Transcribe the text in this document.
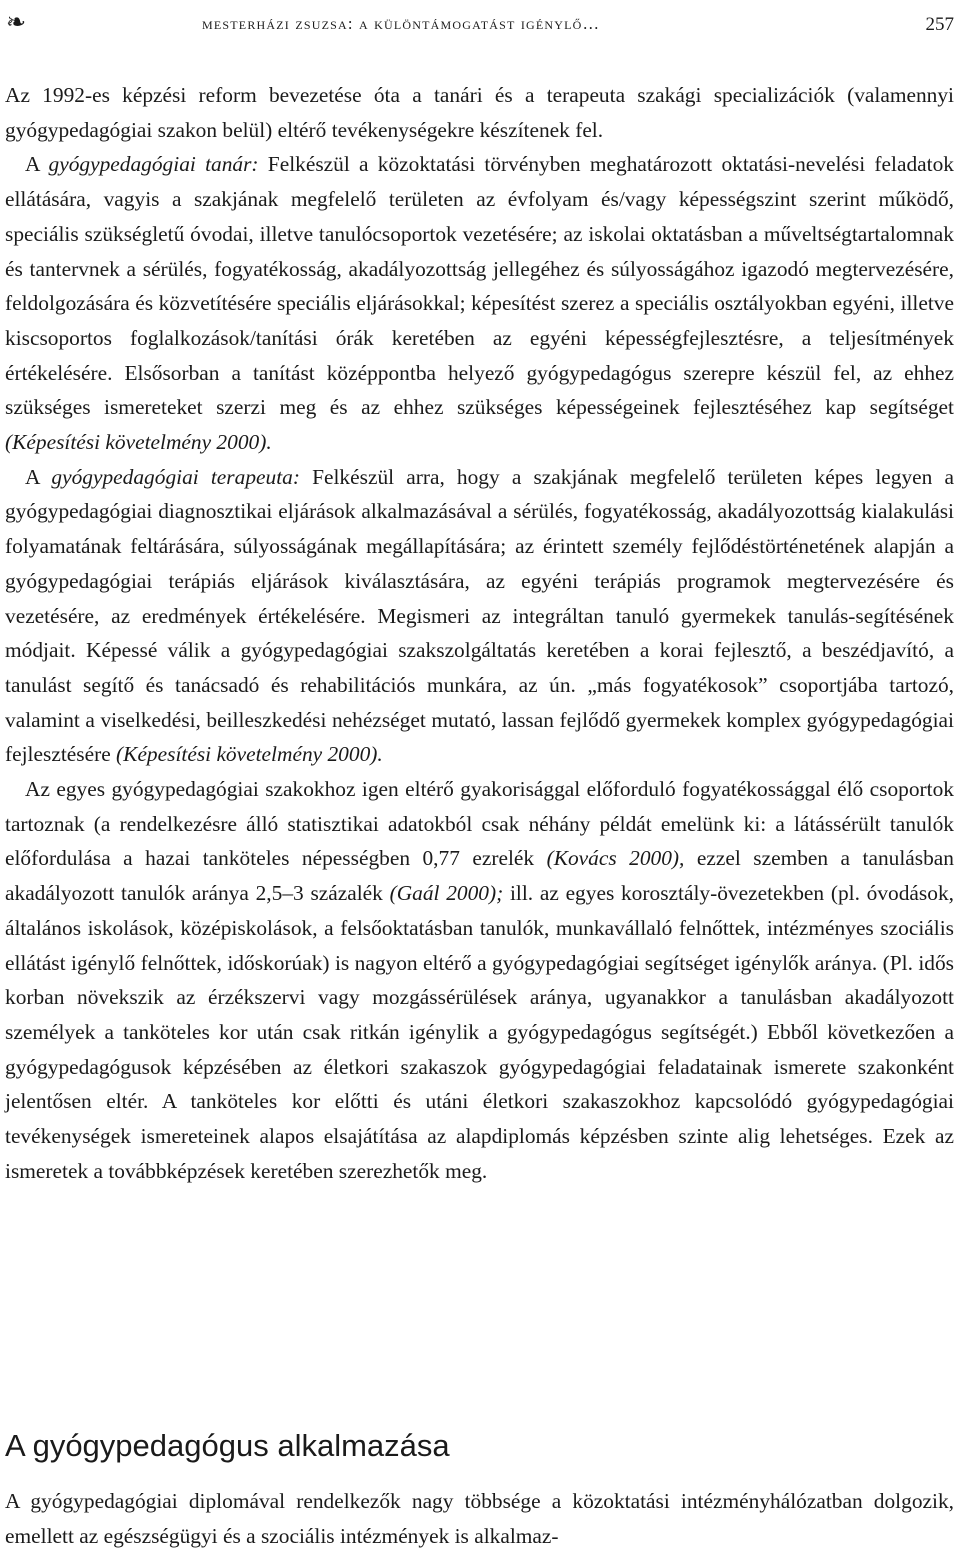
❧	mesterházi zsuzsa: a különtámogatást igénylő…	257

Az 1992-es képzési reform bevezetése óta a tanári és a terapeuta szakági specializációk (valamennyi gyógypedagógiai szakon belül) eltérő tevékenységekre készítenek fel.

A gyógypedagógiai tanár: Felkészül a közoktatási törvényben meghatározott oktatási-nevelési feladatok ellátására, vagyis a szakjának megfelelő területen az évfolyam és/vagy képességszint szerint működő, speciális szükségletű óvodai, illetve tanulócsoportok vezetésére; az iskolai oktatásban a műveltségtartalomnak és tantervnek a sérülés, fogyatékosság, akadályozottság jellegéhez és súlyosságához igazodó megtervezésére, feldolgozására és közvetítésére speciális eljárásokkal; képesítést szerez a speciális osztályokban egyéni, illetve kiscsoportos foglalkozások/tanítási órák keretében az egyéni képességfejlesztésre, a teljesítmények értékelésére. Elsősorban a tanítást középpontba helyező gyógypedagógus szerepre készül fel, az ehhez szükséges ismereteket szerzi meg és az ehhez szükséges képességeinek fejlesztéséhez kap segítséget (Képesítési követelmény 2000).

A gyógypedagógiai terapeuta: Felkészül arra, hogy a szakjának megfelelő területen képes legyen a gyógypedagógiai diagnosztikai eljárások alkalmazásával a sérülés, fogyatékosság, akadályozottság kialakulási folyamatának feltárására, súlyosságának megállapítására; az érintett személy fejlődéstörténetének alapján a gyógypedagógiai terápiás eljárások kiválasztására, az egyéni terápiás programok megtervezésére és vezetésére, az eredmények értékelésére. Megismeri az integráltan tanuló gyermekek tanulás-segítésének módjait. Képessé válik a gyógypedagógiai szakszolgáltatás keretében a korai fejlesztő, a beszédjavító, a tanulást segítő és tanácsadó és rehabilitációs munkára, az ún. „más fogyatékosok” csoportjába tartozó, valamint a viselkedési, beilleszkedési nehézséget mutató, lassan fejlődő gyermekek komplex gyógypedagógiai fejlesztésére (Képesítési követelmény 2000).

Az egyes gyógypedagógiai szakokhoz igen eltérő gyakorisággal előforduló fogyatékossággal élő csoportok tartoznak (a rendelkezésre álló statisztikai adatokból csak néhány példát emelünk ki: a látássérült tanulók előfordulása a hazai tanköteles népességben 0,77 ezrelék (Kovács 2000), ezzel szemben a tanulásban akadályozott tanulók aránya 2,5–3 százalék (Gaál 2000); ill. az egyes korosztály-övezetekben (pl. óvodások, általános iskolások, középiskolások, a felsőoktatásban tanulók, munkavállaló felnőttek, intézményes szociális ellátást igénylő felnőttek, időskorúak) is nagyon eltérő a gyógypedagógiai segítséget igénylők aránya. (Pl. idős korban növekszik az érzékszervi vagy mozgássérülések aránya, ugyanakkor a tanulásban akadályozott személyek a tanköteles kor után csak ritkán igénylik a gyógypedagógus segítségét.) Ebből következően a gyógypedagógusok képzésében az életkori szakaszok gyógypedagógiai feladatainak ismerete szakonként jelentősen eltér. A tanköteles kor előtti és utáni életkori szakaszokhoz kapcsolódó gyógypedagógiai tevékenységek ismereteinek alapos elsajátítása az alapdiplomás képzésben szinte alig lehetséges. Ezek az ismeretek a továbbképzések keretében szerezhetők meg.

A gyógypedagógus alkalmazása

A gyógypedagógiai diplomával rendelkezők nagy többsége a közoktatási intézményhálózatban dolgozik, emellett az egészségügyi és a szociális intézmények is alkalmaz-
